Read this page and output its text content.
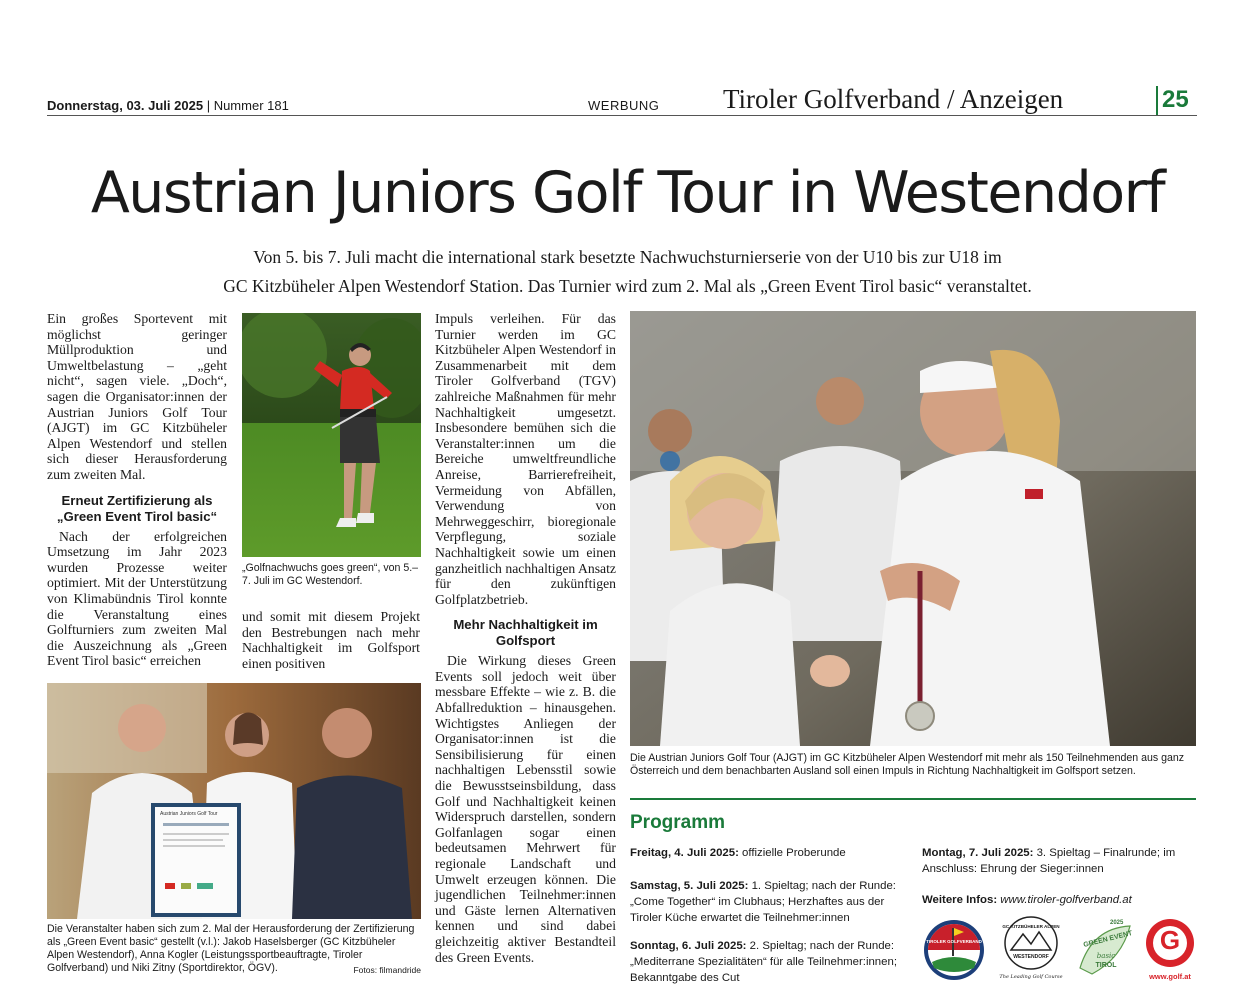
Donnerstag, 03. Juli 2025 | Nummer 181	WERBUNG Tiroler Golfverband / Anzeigen	25
Austrian Juniors Golf Tour in Westendorf
Von 5. bis 7. Juli macht die international stark besetzte Nachwuchsturnierserie von der U10 bis zur U18 im
GC Kitzbüheler Alpen Westendorf Station. Das Turnier wird zum 2. Mal als „Green Event Tirol basic“ veranstaltet.

Ein großes Sportevent mit möglichst geringer Müllproduktion und Umweltbelastung – „geht nicht“, sagen viele. „Doch“, sagen die Organisator:innen der Austrian Juniors Golf Tour (AJGT) im GC Kitzbüheler Alpen Westendorf und stellen sich dieser Herausforderung zum zweiten Mal.

Erneut Zertifizierung als „Green Event Tirol basic“

Nach der erfolgreichen Umsetzung im Jahr 2023 wurden Prozesse weiter optimiert. Mit der Unterstützung von Klimabündnis Tirol konnte die Veranstaltung eines Golfturniers zum zweiten Mal die Auszeichnung als „Green Event Tirol basic“ erreichen

„Golfnachwuchs goes green“, von 5.–7. Juli im GC Westendorf.

und somit mit diesem Projekt den Bestrebungen nach mehr Nachhaltigkeit im Golfsport einen positiven

Impuls verleihen. Für das Turnier werden im GC Kitzbüheler Alpen Westendorf in Zusammenarbeit mit dem Tiroler Golfverband (TGV) zahlreiche Maßnahmen für mehr Nachhaltigkeit umgesetzt. Insbesondere bemühen sich die Veranstalter:innen um die Bereiche umweltfreundliche Anreise, Barrierefreiheit, Vermeidung von Abfällen, Verwendung von Mehrweggeschirr, bioregionale Verpflegung, soziale Nachhaltigkeit sowie um einen ganzheitlich nachhaltigen Ansatz für den zukünftigen Golfplatzbetrieb.

Mehr Nachhaltigkeit im Golfsport

Die Wirkung dieses Green Events soll jedoch weit über messbare Effekte – wie z. B. die Abfallreduktion – hinausgehen. Wichtigstes Anliegen der Organisator:innen ist die Sensibilisierung für einen nachhaltigen Lebensstil sowie die Bewusstseinsbildung, dass Golf und Nachhaltigkeit keinen Widerspruch darstellen, sondern Golfanlagen sogar einen bedeutsamen Mehrwert für regionale Landschaft und Umwelt erzeugen können. Die jugendlichen Teilnehmer:innen und Gäste lernen Alternativen kennen und sind dabei gleichzeitig aktiver Bestandteil des Green Events.

Austrian Juniors Golf Tour
Die Veranstalter haben sich zum 2. Mal der Herausforderung der Zertifizierung als „Green Event basic“ gestellt (v.l.): Jakob Haselsberger (GC Kitzbüheler Alpen Westendorf), Anna Kogler (Leistungssportbeauftragte, Tiroler Golfverband) und Niki Zitny (Sportdirektor, ÖGV).	Fotos: filmandride
Die Austrian Juniors Golf Tour (AJGT) im GC Kitzbüheler Alpen Westendorf mit mehr als 150 Teilnehmenden aus ganz Österreich und dem benachbarten Ausland soll einen Impuls in Richtung Nachhaltigkeit im Golfsport setzen.
Programm
Freitag, 4. Juli 2025: offizielle Proberunde
Samstag, 5. Juli 2025: 1. Spieltag; nach der Runde: „Come Together“ im Clubhaus; Herzhaftes aus der Tiroler Küche erwartet die Teilnehmer:innen
Sonntag, 6. Juli 2025: 2. Spieltag; nach der Runde: „Mediterrane Spezialitäten“ für alle Teilnehmer:innen; Bekanntgabe des Cut
Montag, 7. Juli 2025: 3. Spieltag – Finalrunde; im Anschluss: Ehrung der Sieger:innen
Weitere Infos: www.tiroler-golfverband.at
TIROLER GOLFVERBAND
GC KITZBÜHELER ALPEN
WESTENDORF
The Leading Golf Course
2025
GREEN EVENT
basic
TIROL
G
www.golf.at
